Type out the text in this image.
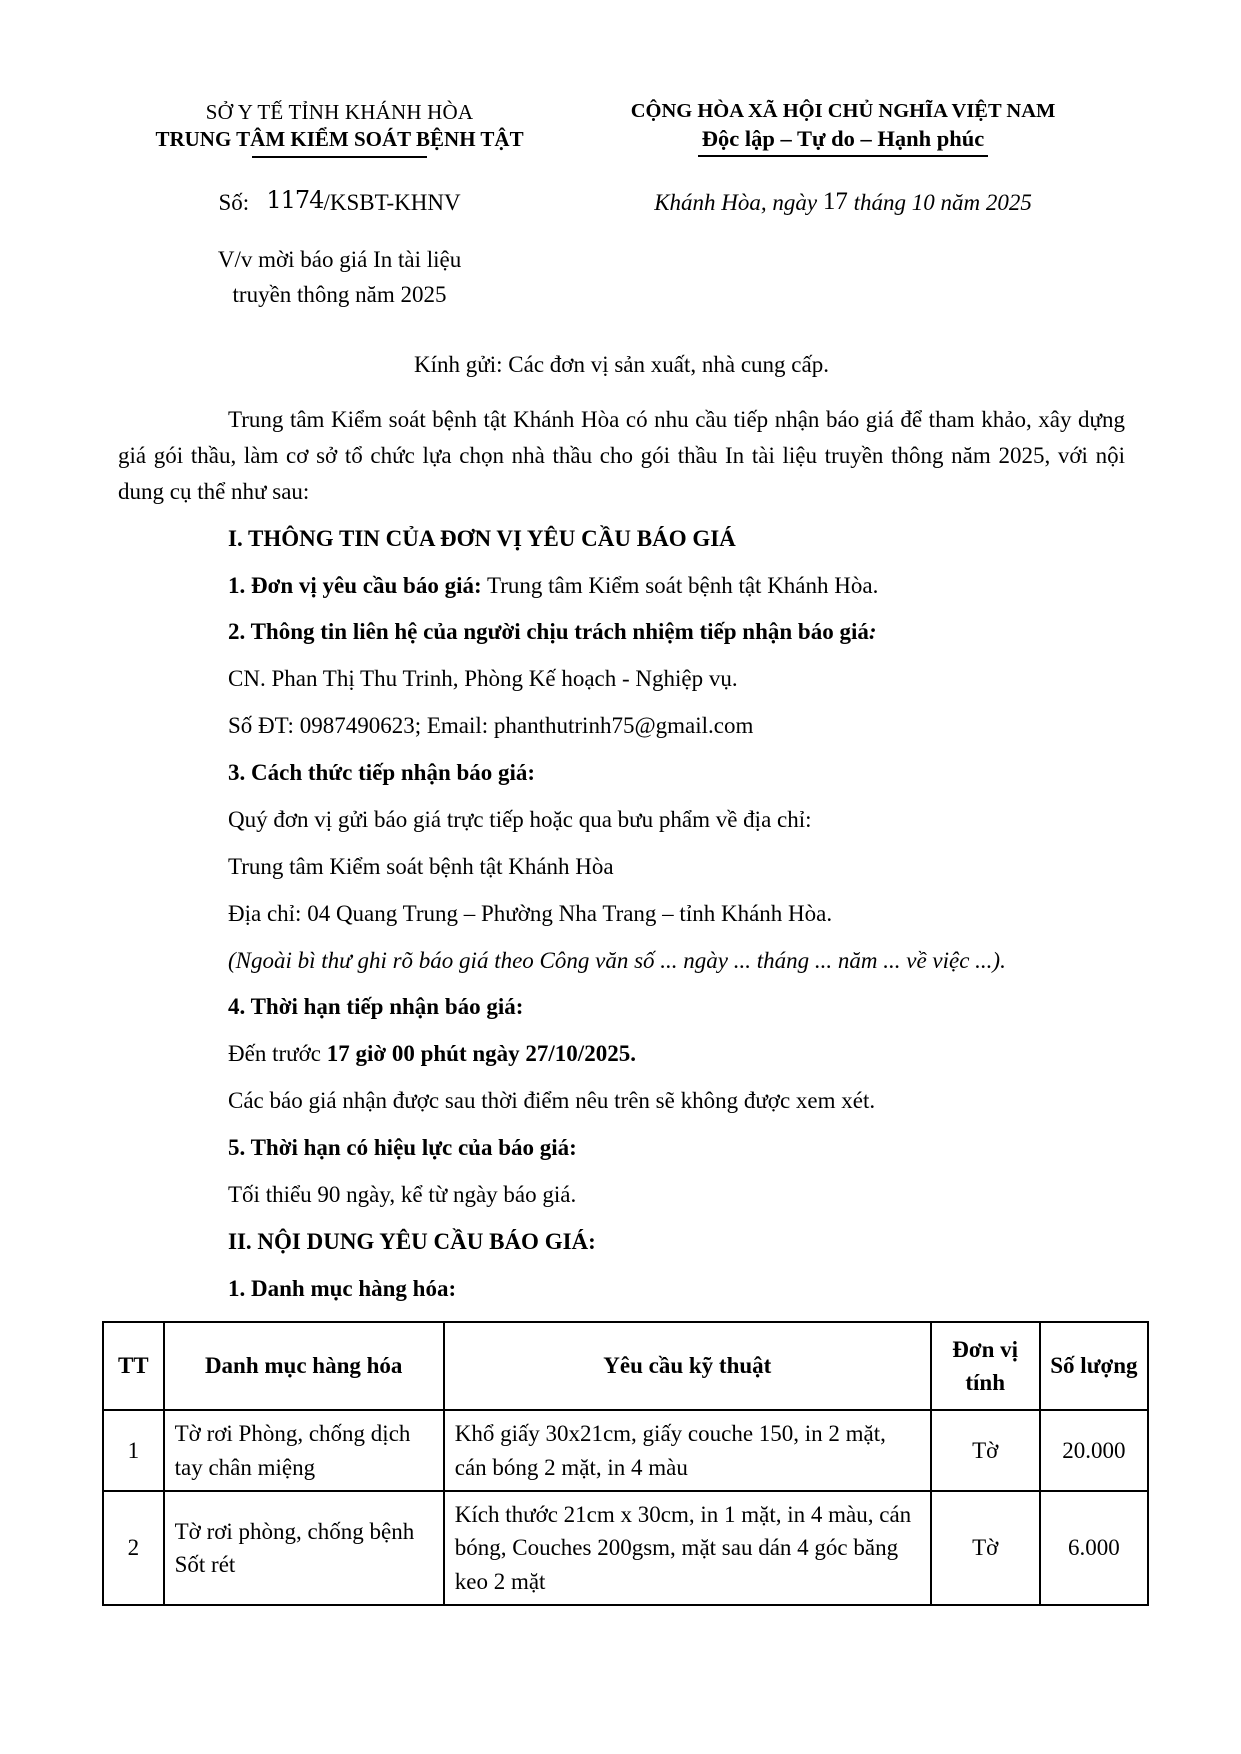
SỞ Y TẾ TỈNH KHÁNH HÒA
TRUNG TÂM KIỂM SOÁT BỆNH TẬT
CỘNG HÒA XÃ HỘI CHỦ NGHĨA VIỆT NAM
Độc lập – Tự do – Hạnh phúc
Số: 1174/KSBT-KHNV	Khánh Hòa, ngày 17 tháng 10 năm 2025
V/v mời báo giá In tài liệu
truyền thông năm 2025

Kính gửi: Các đơn vị sản xuất, nhà cung cấp.

Trung tâm Kiểm soát bệnh tật Khánh Hòa có nhu cầu tiếp nhận báo giá để tham khảo, xây dựng giá gói thầu, làm cơ sở tổ chức lựa chọn nhà thầu cho gói thầu In tài liệu truyền thông năm 2025, với nội dung cụ thể như sau:

I. THÔNG TIN CỦA ĐƠN VỊ YÊU CẦU BÁO GIÁ

1. Đơn vị yêu cầu báo giá: Trung tâm Kiểm soát bệnh tật Khánh Hòa.

2. Thông tin liên hệ của người chịu trách nhiệm tiếp nhận báo giá:

CN. Phan Thị Thu Trinh, Phòng Kế hoạch - Nghiệp vụ.

Số ĐT: 0987490623; Email: phanthutrinh75@gmail.com

3. Cách thức tiếp nhận báo giá:

Quý đơn vị gửi báo giá trực tiếp hoặc qua bưu phẩm về địa chỉ:

Trung tâm Kiểm soát bệnh tật Khánh Hòa

Địa chỉ: 04 Quang Trung – Phường Nha Trang – tỉnh Khánh Hòa.

(Ngoài bì thư ghi rõ báo giá theo Công văn số ... ngày ... tháng ... năm ... về việc ...).

4. Thời hạn tiếp nhận báo giá:

Đến trước 17 giờ 00 phút ngày 27/10/2025.

Các báo giá nhận được sau thời điểm nêu trên sẽ không được xem xét.

5. Thời hạn có hiệu lực của báo giá:

Tối thiểu 90 ngày, kể từ ngày báo giá.

II. NỘI DUNG YÊU CẦU BÁO GIÁ:

1. Danh mục hàng hóa:

TT	Danh mục hàng hóa	Yêu cầu kỹ thuật	Đơn vị tính	Số lượng
1	Tờ rơi Phòng, chống dịch tay chân miệng	Khổ giấy 30x21cm, giấy couche 150, in 2 mặt, cán bóng 2 mặt, in 4 màu	Tờ	20.000
2	Tờ rơi phòng, chống bệnh Sốt rét	Kích thước 21cm x 30cm, in 1 mặt, in 4 màu, cán bóng, Couches 200gsm, mặt sau dán 4 góc băng keo 2 mặt	Tờ	6.000
